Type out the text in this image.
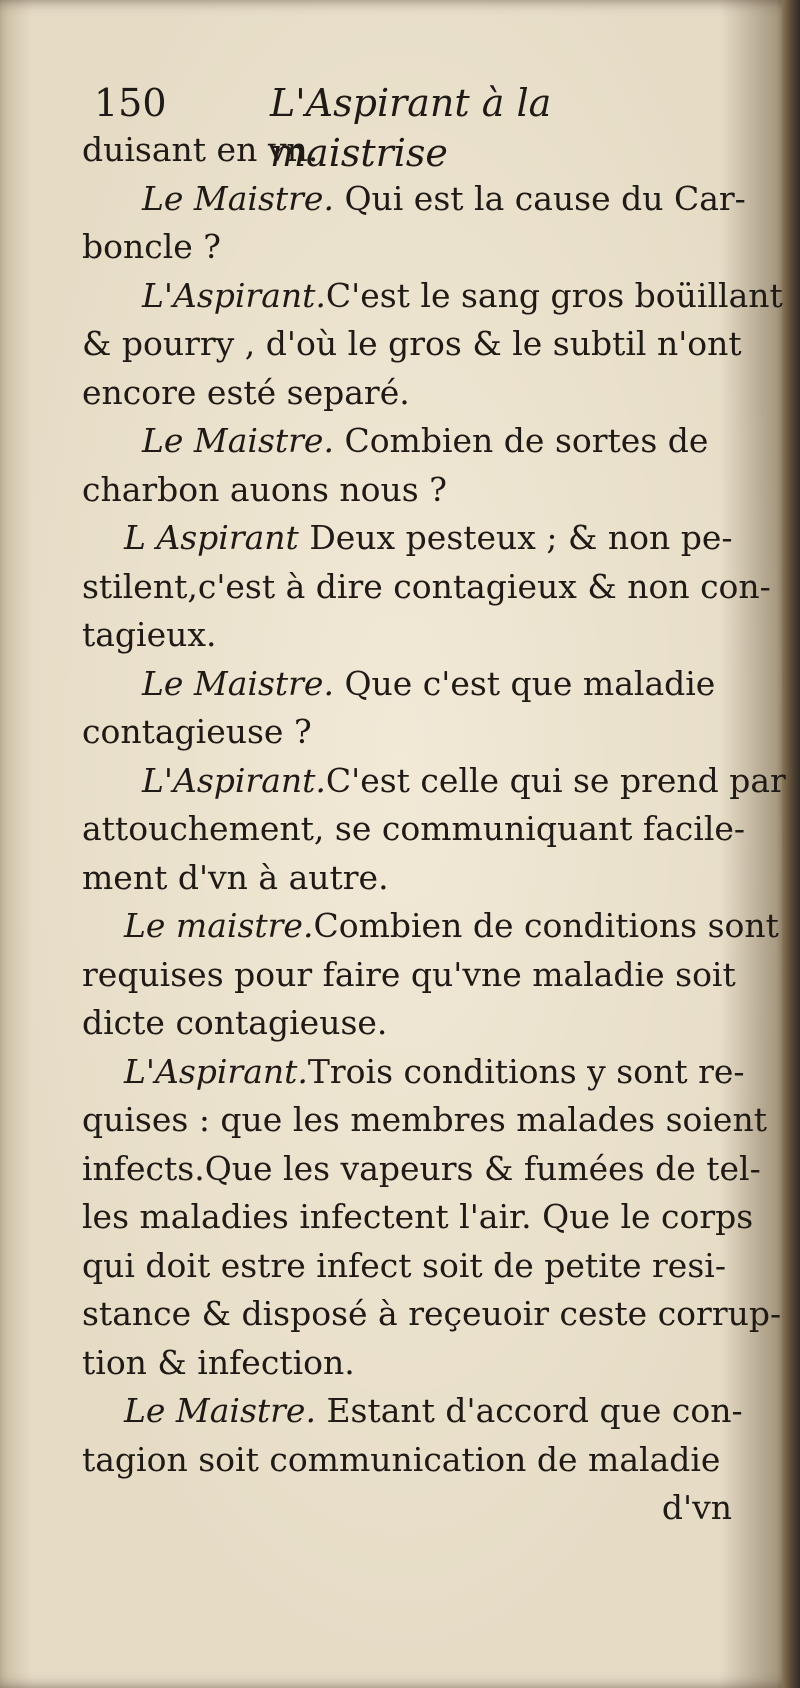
150	L'Aspirant à la maistrise
duisant en vn.
Le Maistre. Qui est la cause du Car-
boncle ?
L'Aspirant.C'est le sang gros boüillant
& pourry , d'où le gros & le subtil n'ont
encore esté separé.
Le Maistre. Combien de sortes de
charbon auons nous ?
L Aspirant Deux pesteux ; & non pe-
stilent,c'est à dire contagieux & non con-
tagieux.
Le Maistre. Que c'est que maladie
contagieuse ?
L'Aspirant.C'est celle qui se prend par
attouchement, se communiquant facile-
ment d'vn à autre.
Le maistre.Combien de conditions sont
requises pour faire qu'vne maladie soit
dicte contagieuse.
L'Aspirant.Trois conditions y sont re-
quises : que les membres malades soient
infects.Que les vapeurs & fumées de tel-
les maladies infectent l'air. Que le corps
qui doit estre infect soit de petite resi-
stance & disposé à reçeuoir ceste corrup-
tion & infection.
Le Maistre. Estant d'accord que con-
tagion soit communication de maladie
d'vn
